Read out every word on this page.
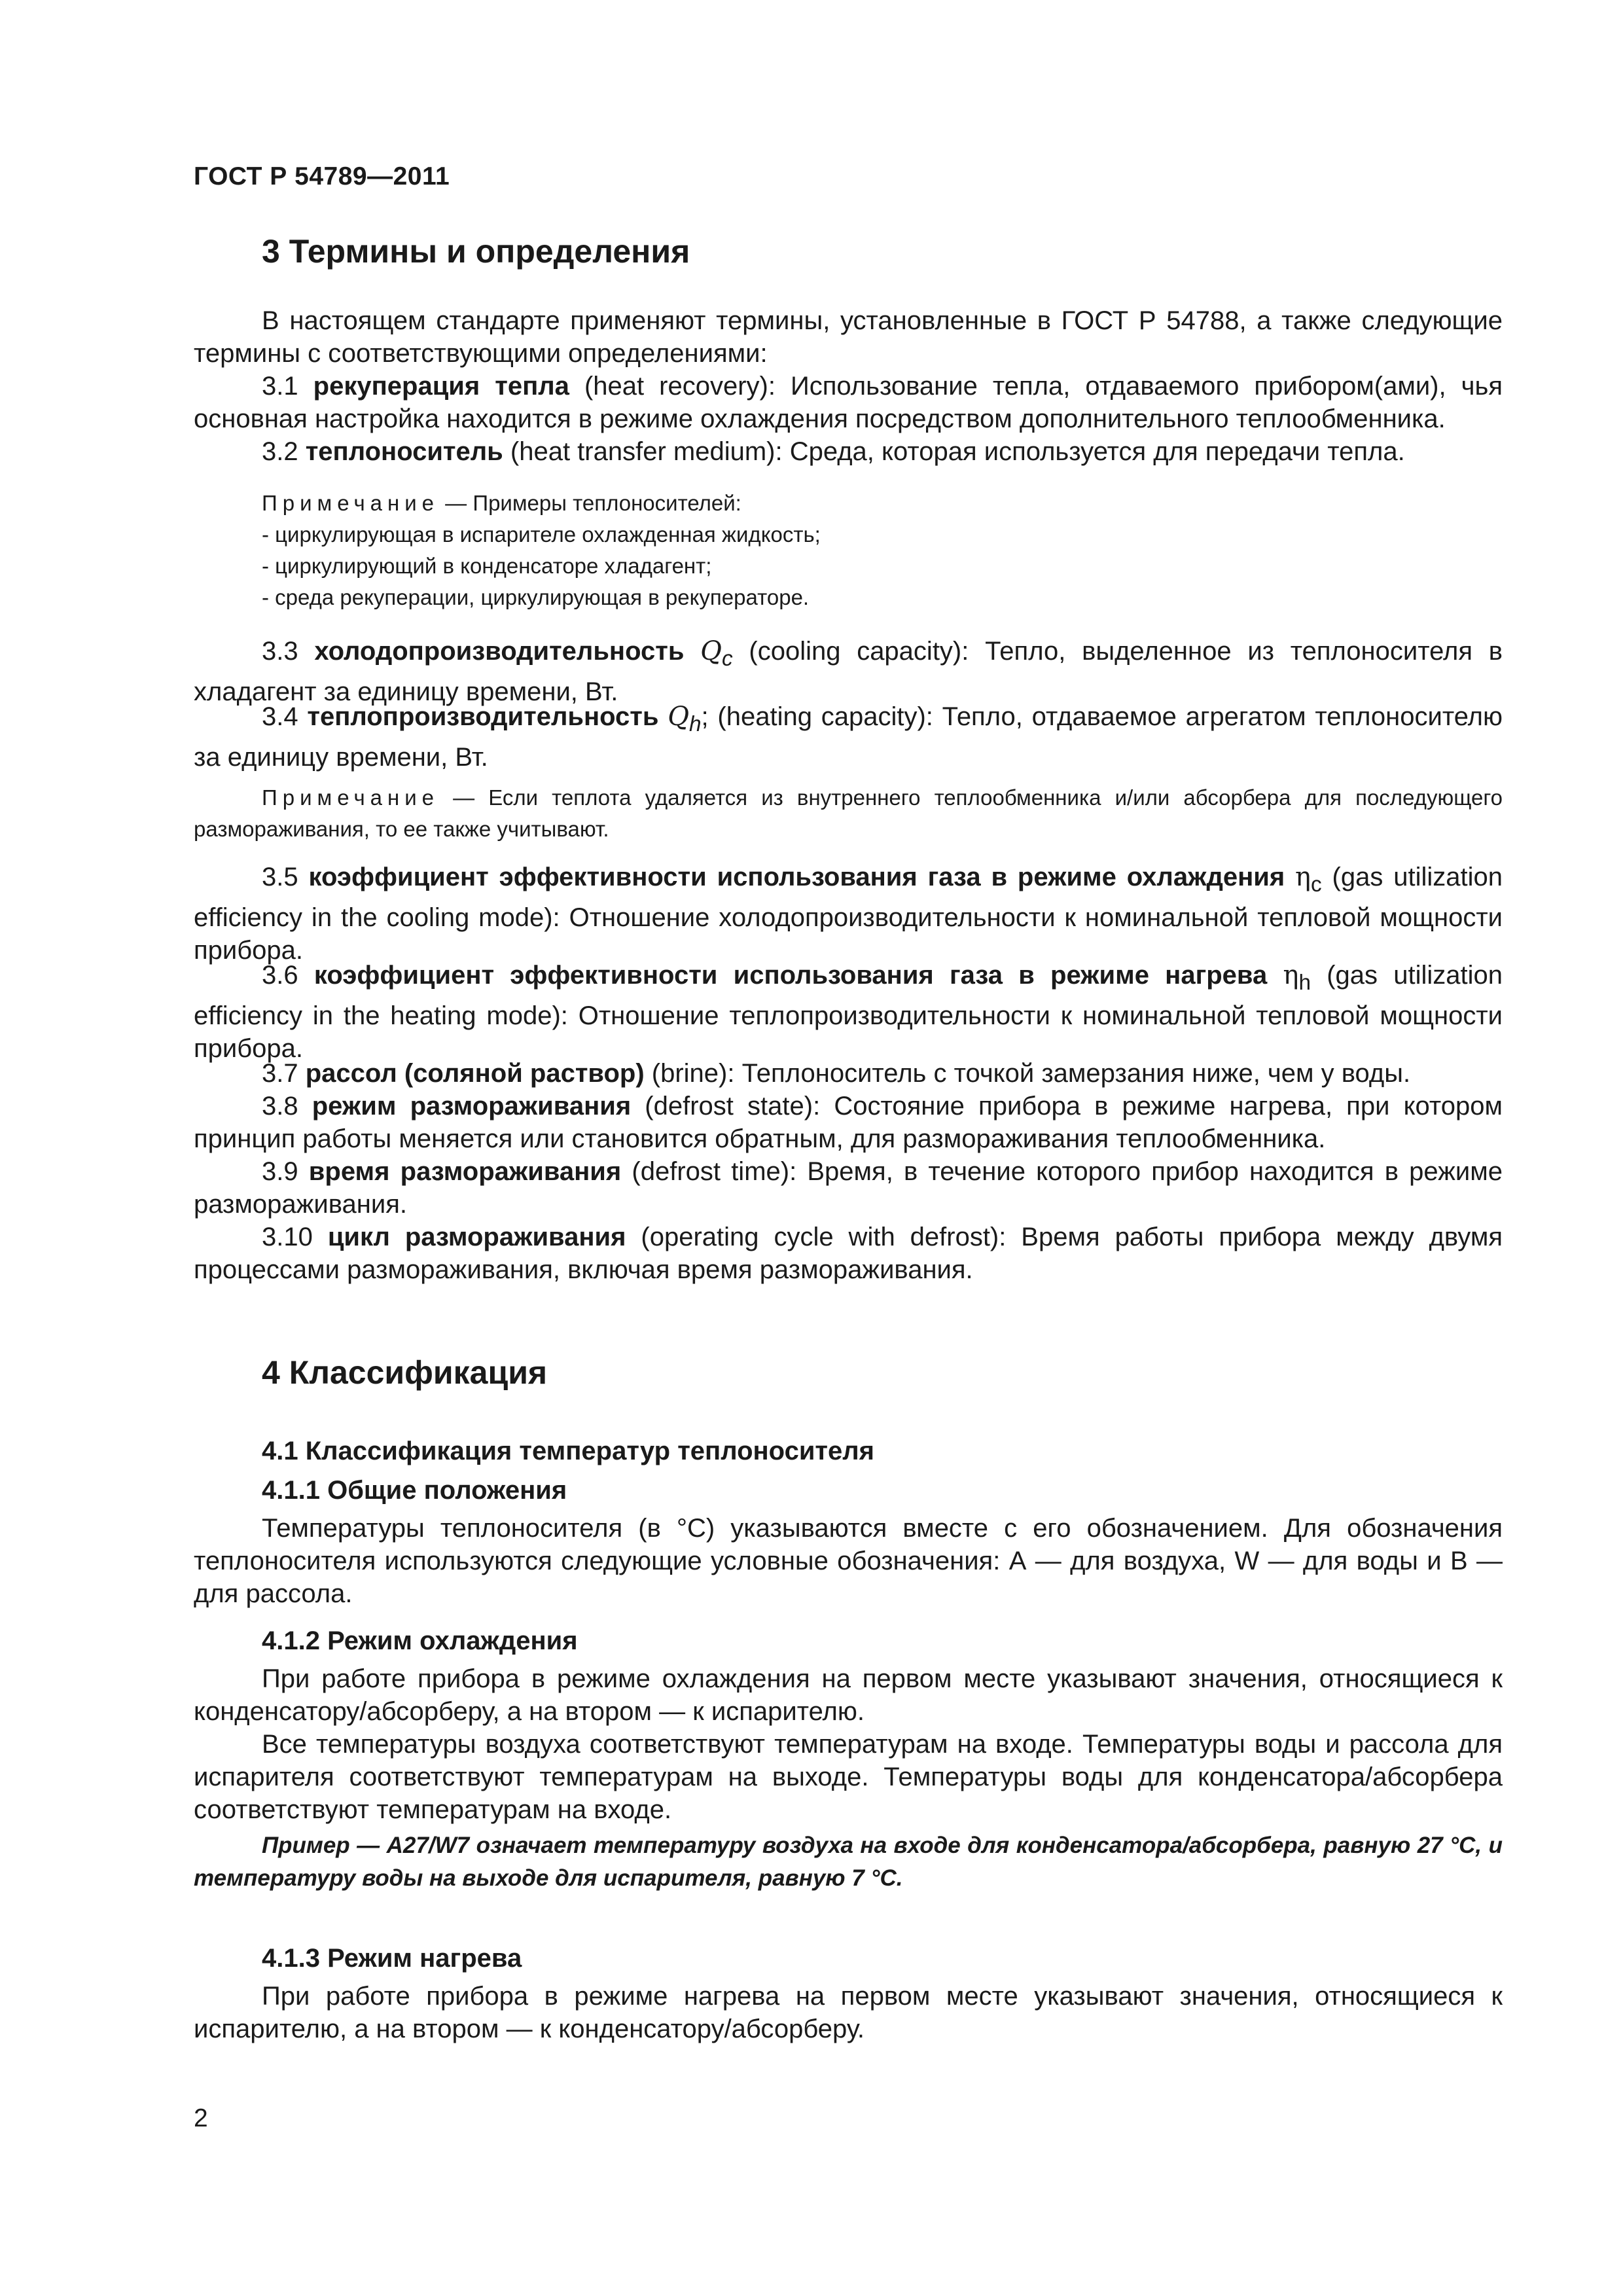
ГОСТ Р 54789—2011
3 Термины и определения
В настоящем стандарте применяют термины, установленные в ГОСТ Р 54788, а также следующие термины с соответствующими определениями:
3.1 рекуперация тепла (heat recovery): Использование тепла, отдаваемого прибором(ами), чья основная настройка находится в режиме охлаждения посредством дополнительного теплообменника.
3.2 теплоноситель (heat transfer medium): Среда, которая используется для передачи тепла.
Примечание — Примеры теплоносителей:
- циркулирующая в испарителе охлажденная жидкость;
- циркулирующий в конденсаторе хладагент;
- среда рекуперации, циркулирующая в рекуператоре.
3.3 холодопроизводительность $Q_c$ (cooling capacity): Тепло, выделенное из теплоносителя в хладагент за единицу времени, Вт.
3.4 теплопроизводительность $Q_h$; (heating capacity): Тепло, отдаваемое агрегатом теплоносителю за единицу времени, Вт.
Примечание — Если теплота удаляется из внутреннего теплообменника и/или абсорбера для последующего размораживания, то ее также учитывают.
3.5 коэффициент эффективности использования газа в режиме охлаждения $\eta_c$ (gas utilization efficiency in the cooling mode): Отношение холодопроизводительности к номинальной тепловой мощности прибора.
3.6 коэффициент эффективности использования газа в режиме нагрева $\eta_h$ (gas utilization efficiency in the heating mode): Отношение теплопроизводительности к номинальной тепловой мощности прибора.
3.7 рассол (соляной раствор) (brine): Теплоноситель с точкой замерзания ниже, чем у воды.
3.8 режим размораживания (defrost state): Состояние прибора в режиме нагрева, при котором принцип работы меняется или становится обратным, для размораживания теплообменника.
3.9 время размораживания (defrost time): Время, в течение которого прибор находится в режиме размораживания.
3.10 цикл размораживания (operating cycle with defrost): Время работы прибора между двумя процессами размораживания, включая время размораживания.
4 Классификация
4.1 Классификация температур теплоносителя
4.1.1 Общие положения
Температуры теплоносителя (в °С) указываются вместе с его обозначением. Для обозначения теплоносителя используются следующие условные обозначения: А — для воздуха, W — для воды и В — для рассола.
4.1.2 Режим охлаждения
При работе прибора в режиме охлаждения на первом месте указывают значения, относящиеся к конденсатору/абсорберу, а на втором — к испарителю.
Все температуры воздуха соответствуют температурам на входе. Температуры воды и рассола для испарителя соответствуют температурам на выходе. Температуры воды для конденсатора/абсорбера соответствуют температурам на входе.
Пример — A27/W7 означает температуру воздуха на входе для конденсатора/абсорбера, равную 27 °С, и температуру воды на выходе для испарителя, равную 7 °С.
4.1.3 Режим нагрева
При работе прибора в режиме нагрева на первом месте указывают значения, относящиеся к испарителю, а на втором — к конденсатору/абсорберу.
2
